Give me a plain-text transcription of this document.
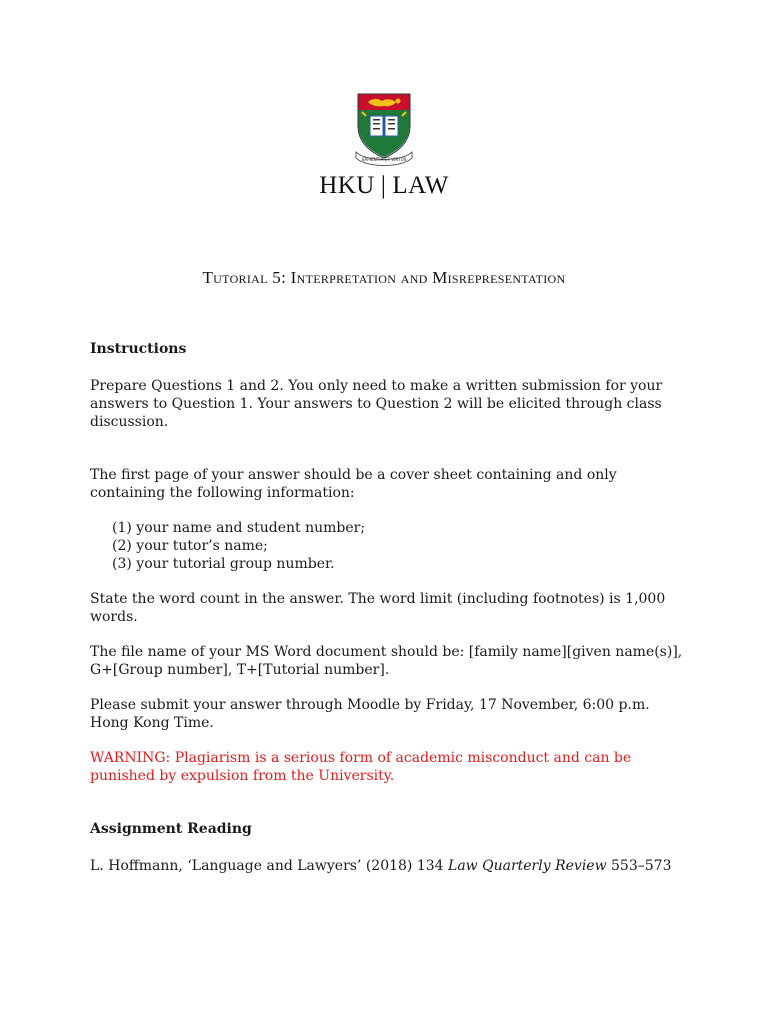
SAPIENTIA ET VIRTUS
HKU | LAW
Tutorial 5: Interpretation and Misrepresentation
Instructions

Prepare Questions 1 and 2. You only need to make a written submission for your answers to Question 1. Your answers to Question 2 will be elicited through class discussion.

The first page of your answer should be a cover sheet containing and only containing the following information:

(1) your name and student number;
(2) your tutor’s name;
(3) your tutorial group number.

State the word count in the answer. The word limit (including footnotes) is 1,000 words.

The file name of your MS Word document should be: [family name][given name(s)], G+[Group number], T+[Tutorial number].

Please submit your answer through Moodle by Friday, 17 November, 6:00 p.m. Hong Kong Time.

WARNING: Plagiarism is a serious form of academic misconduct and can be punished by expulsion from the University.

Assignment Reading

L. Hoffmann, ‘Language and Lawyers’ (2018) 134 Law Quarterly Review 553–573
